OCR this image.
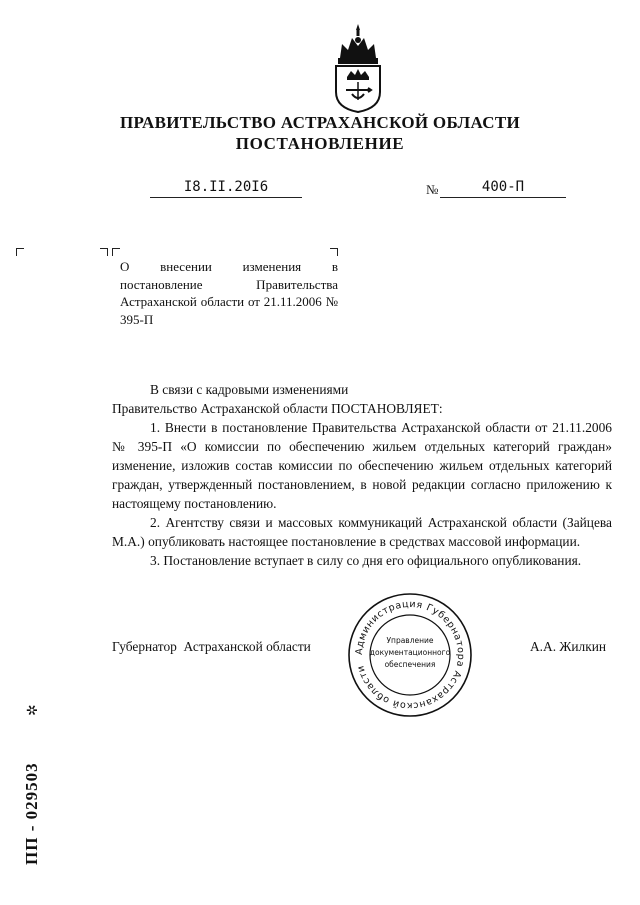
ПРАВИТЕЛЬСТВО АСТРАХАНСКОЙ ОБЛАСТИ
ПОСТАНОВЛЕНИЕ
I8.II.20I6	№	400-П
О внесении изменения в постановление Правительства Астраханской области от 21.11.2006 № 395-П

В связи с кадровыми изменениями

Правительство Астраханской области ПОСТАНОВЛЯЕТ:

1. Внести в постановление Правительства Астраханской области от 21.11.2006 № 395-П «О комиссии по обеспечению жильем отдельных категорий граждан» изменение, изложив состав комиссии по обеспечению жильем отдельных категорий граждан, утвержденный постановлением, в новой редакции согласно приложению к настоящему постановлению.

2. Агентству связи и массовых коммуникаций Астраханской области (Зайцева М.А.) опубликовать настоящее постановление в средствах массовой информации.

3. Постановление вступает в силу со дня его официального опубликования.

Губернатор  Астраханской области	А.А. Жилкин
Администрация Губернатора Астраханской области
Управление
документационного
обеспечения
ПП - 029503
✲
